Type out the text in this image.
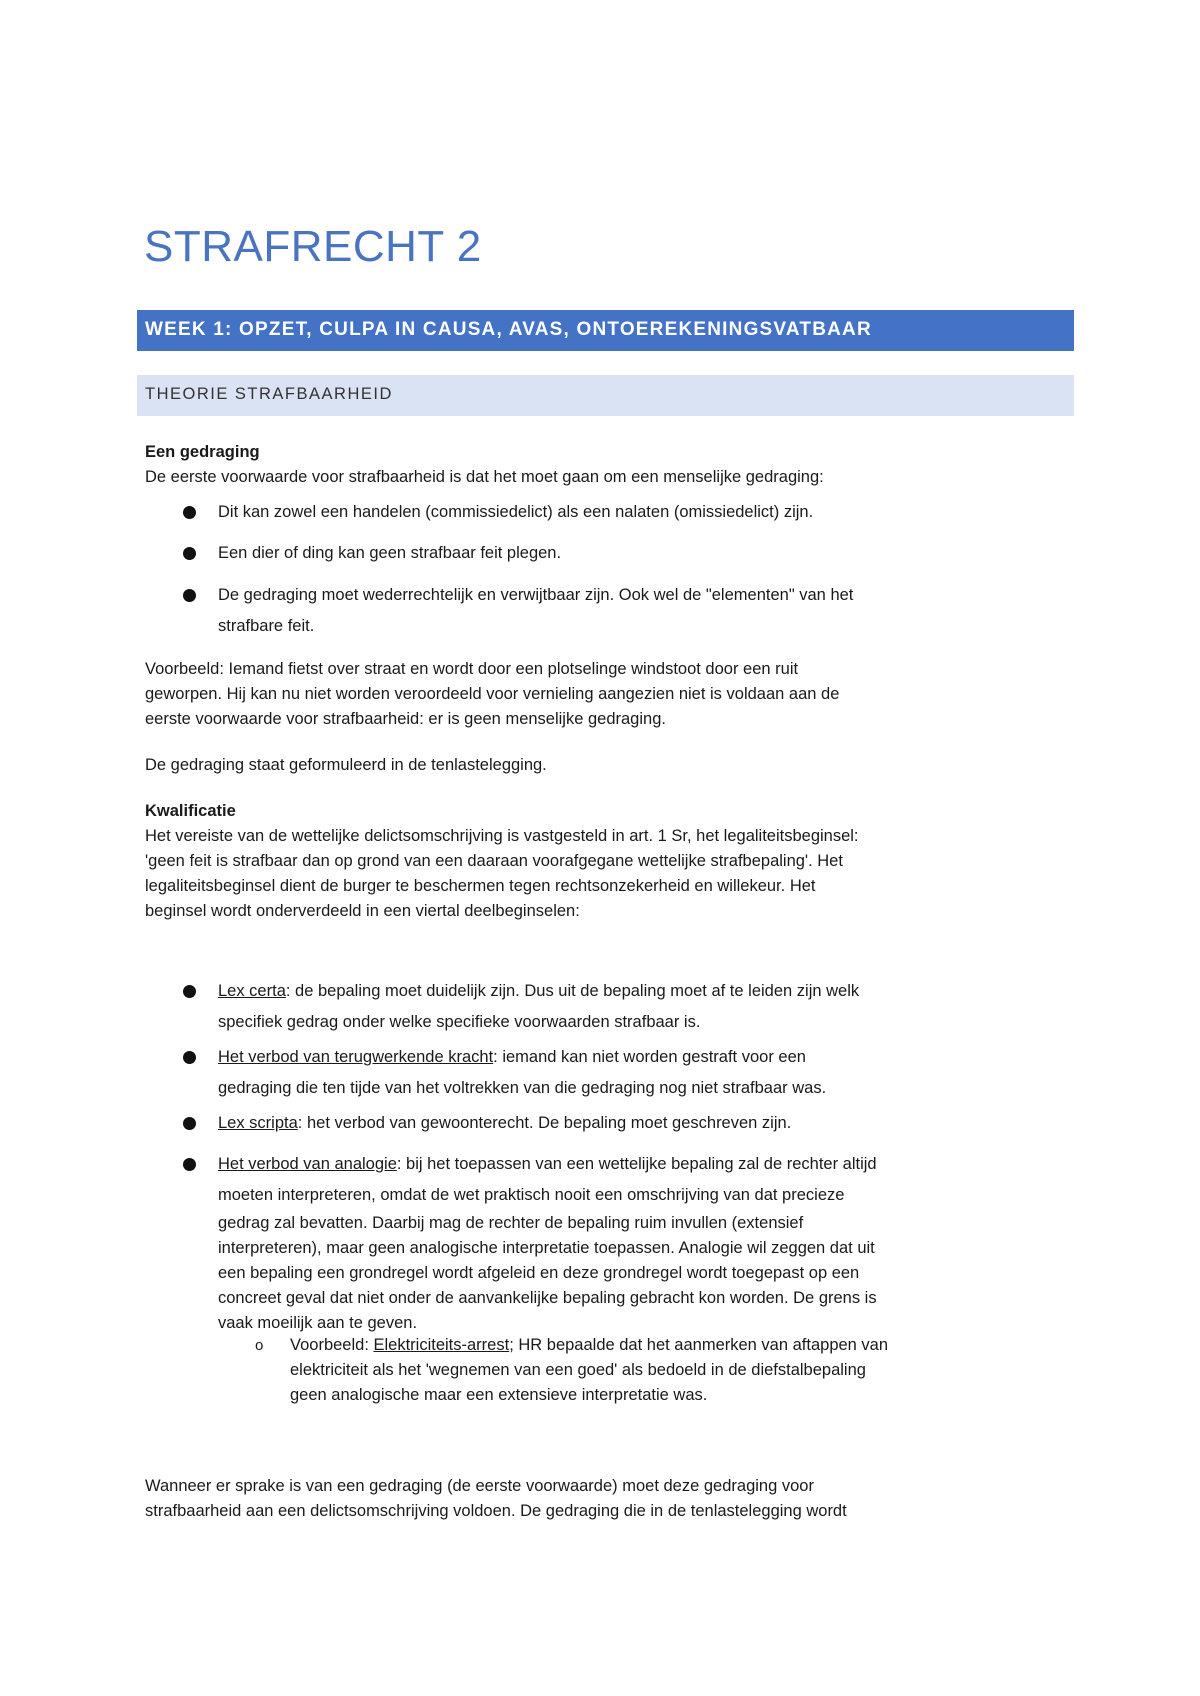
STRAFRECHT 2
WEEK 1: OPZET, CULPA IN CAUSA, AVAS, ONTOEREKENINGSVATBAAR
THEORIE STRAFBAARHEID

Een gedraging

De eerste voorwaarde voor strafbaarheid is dat het moet gaan om een menselijke gedraging:

Dit kan zowel een handelen (commissiedelict) als een nalaten (omissiedelict) zijn.
Een dier of ding kan geen strafbaar feit plegen.
De gedraging moet wederrechtelijk en verwijtbaar zijn. Ook wel de "elementen" van het
strafbare feit.

Voorbeeld: Iemand fietst over straat en wordt door een plotselinge windstoot door een ruit

geworpen. Hij kan nu niet worden veroordeeld voor vernieling aangezien niet is voldaan aan de

eerste voorwaarde voor strafbaarheid: er is geen menselijke gedraging.

De gedraging staat geformuleerd in de tenlastelegging.

Kwalificatie

Het vereiste van de wettelijke delictsomschrijving is vastgesteld in art. 1 Sr, het legaliteitsbeginsel:

'geen feit is strafbaar dan op grond van een daaraan voorafgegane wettelijke strafbepaling'. Het

legaliteitsbeginsel dient de burger te beschermen tegen rechtsonzekerheid en willekeur. Het

beginsel wordt onderverdeeld in een viertal deelbeginselen:

Lex certa: de bepaling moet duidelijk zijn. Dus uit de bepaling moet af te leiden zijn welk
specifiek gedrag onder welke specifieke voorwaarden strafbaar is.
Het verbod van terugwerkende kracht: iemand kan niet worden gestraft voor een
gedraging die ten tijde van het voltrekken van die gedraging nog niet strafbaar was.
Lex scripta: het verbod van gewoonterecht. De bepaling moet geschreven zijn.
Het verbod van analogie: bij het toepassen van een wettelijke bepaling zal de rechter altijd
moeten interpreteren, omdat de wet praktisch nooit een omschrijving van dat precieze
gedrag zal bevatten. Daarbij mag de rechter de bepaling ruim invullen (extensief
interpreteren), maar geen analogische interpretatie toepassen. Analogie wil zeggen dat uit
een bepaling een grondregel wordt afgeleid en deze grondregel wordt toegepast op een
concreet geval dat niet onder de aanvankelijke bepaling gebracht kon worden. De grens is
vaak moeilijk aan te geven.
o Voorbeeld: Elektriciteits-arrest; HR bepaalde dat het aanmerken van aftappen van
elektriciteit als het 'wegnemen van een goed' als bedoeld in de diefstalbepaling
geen analogische maar een extensieve interpretatie was.

Wanneer er sprake is van een gedraging (de eerste voorwaarde) moet deze gedraging voor

strafbaarheid aan een delictsomschrijving voldoen. De gedraging die in de tenlastelegging wordt
